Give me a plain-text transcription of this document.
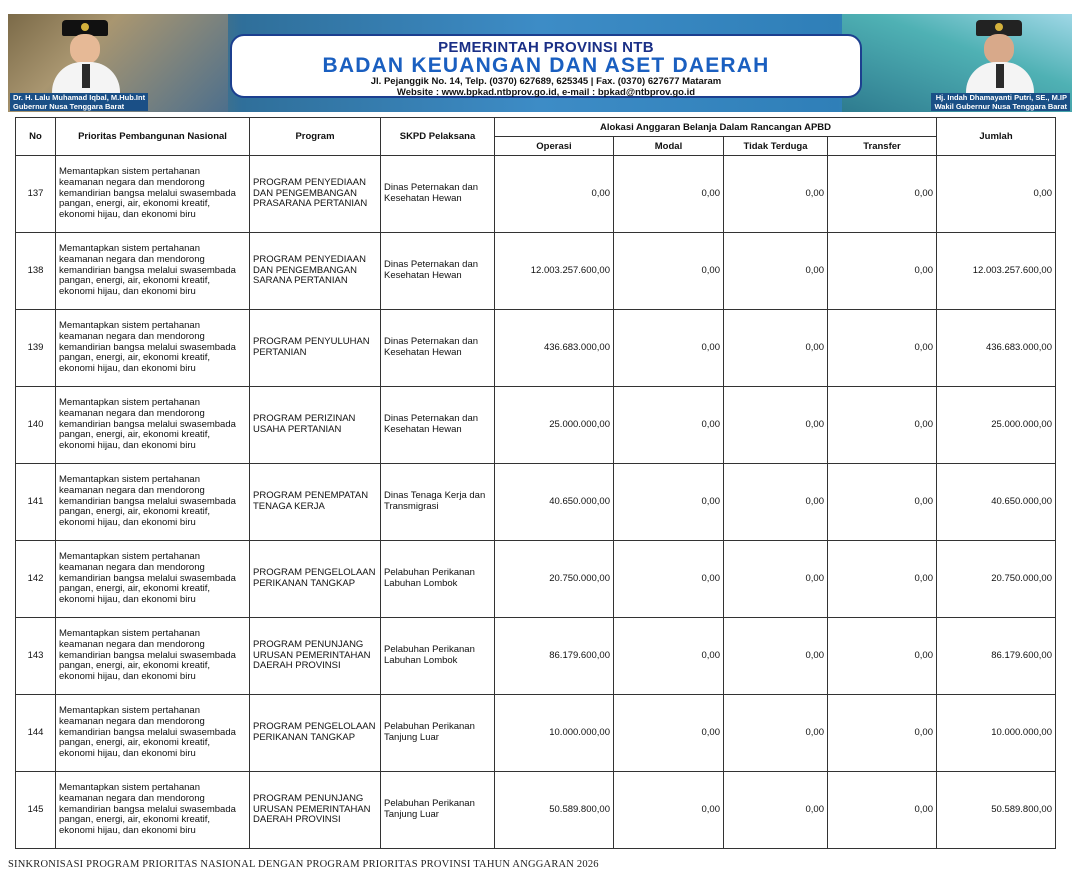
Dr. H. Lalu Muhamad Iqbal, M.Hub.Int
Gubernur Nusa Tenggara Barat
Hj. Indah Dhamayanti Putri, SE., M.IP
Wakil Gubernur Nusa Tenggara Barat
PEMERINTAH PROVINSI NTB
BADAN KEUANGAN DAN ASET DAERAH
Jl. Pejanggik No. 14, Telp. (0370) 627689, 625345 | Fax. (0370) 627677 Mataram
Website : www.bpkad.ntbprov.go.id, e-mail : bpkad@ntbprov.go.id
No	Prioritas Pembangunan Nasional	Program	SKPD Pelaksana	Alokasi Anggaran Belanja Dalam Rancangan APBD				Jumlah
				Operasi	Modal	Tidak Terduga	Transfer	
137	Memantapkan sistem pertahanan keamanan negara dan mendorong kemandirian bangsa melalui swasembada pangan, energi, air, ekonomi kreatif, ekonomi hijau, dan ekonomi biru	PROGRAM PENYEDIAAN DAN PENGEMBANGAN PRASARANA PERTANIAN	Dinas Peternakan dan Kesehatan Hewan	0,00	0,00	0,00	0,00	0,00
138	Memantapkan sistem pertahanan keamanan negara dan mendorong kemandirian bangsa melalui swasembada pangan, energi, air, ekonomi kreatif, ekonomi hijau, dan ekonomi biru	PROGRAM PENYEDIAAN DAN PENGEMBANGAN SARANA PERTANIAN	Dinas Peternakan dan Kesehatan Hewan	12.003.257.600,00	0,00	0,00	0,00	12.003.257.600,00
139	Memantapkan sistem pertahanan keamanan negara dan mendorong kemandirian bangsa melalui swasembada pangan, energi, air, ekonomi kreatif, ekonomi hijau, dan ekonomi biru	PROGRAM PENYULUHAN PERTANIAN	Dinas Peternakan dan Kesehatan Hewan	436.683.000,00	0,00	0,00	0,00	436.683.000,00
140	Memantapkan sistem pertahanan keamanan negara dan mendorong kemandirian bangsa melalui swasembada pangan, energi, air, ekonomi kreatif, ekonomi hijau, dan ekonomi biru	PROGRAM PERIZINAN USAHA PERTANIAN	Dinas Peternakan dan Kesehatan Hewan	25.000.000,00	0,00	0,00	0,00	25.000.000,00
141	Memantapkan sistem pertahanan keamanan negara dan mendorong kemandirian bangsa melalui swasembada pangan, energi, air, ekonomi kreatif, ekonomi hijau, dan ekonomi biru	PROGRAM PENEMPATAN TENAGA KERJA	Dinas Tenaga Kerja dan Transmigrasi	40.650.000,00	0,00	0,00	0,00	40.650.000,00
142	Memantapkan sistem pertahanan keamanan negara dan mendorong kemandirian bangsa melalui swasembada pangan, energi, air, ekonomi kreatif, ekonomi hijau, dan ekonomi biru	PROGRAM PENGELOLAAN PERIKANAN TANGKAP	Pelabuhan Perikanan Labuhan Lombok	20.750.000,00	0,00	0,00	0,00	20.750.000,00
143	Memantapkan sistem pertahanan keamanan negara dan mendorong kemandirian bangsa melalui swasembada pangan, energi, air, ekonomi kreatif, ekonomi hijau, dan ekonomi biru	PROGRAM PENUNJANG URUSAN PEMERINTAHAN DAERAH PROVINSI	Pelabuhan Perikanan Labuhan Lombok	86.179.600,00	0,00	0,00	0,00	86.179.600,00
144	Memantapkan sistem pertahanan keamanan negara dan mendorong kemandirian bangsa melalui swasembada pangan, energi, air, ekonomi kreatif, ekonomi hijau, dan ekonomi biru	PROGRAM PENGELOLAAN PERIKANAN TANGKAP	Pelabuhan Perikanan Tanjung Luar	10.000.000,00	0,00	0,00	0,00	10.000.000,00
145	Memantapkan sistem pertahanan keamanan negara dan mendorong kemandirian bangsa melalui swasembada pangan, energi, air, ekonomi kreatif, ekonomi hijau, dan ekonomi biru	PROGRAM PENUNJANG URUSAN PEMERINTAHAN DAERAH PROVINSI	Pelabuhan Perikanan Tanjung Luar	50.589.800,00	0,00	0,00	0,00	50.589.800,00
SINKRONISASI PROGRAM PRIORITAS NASIONAL DENGAN PROGRAM PRIORITAS PROVINSI TAHUN ANGGARAN 2026
